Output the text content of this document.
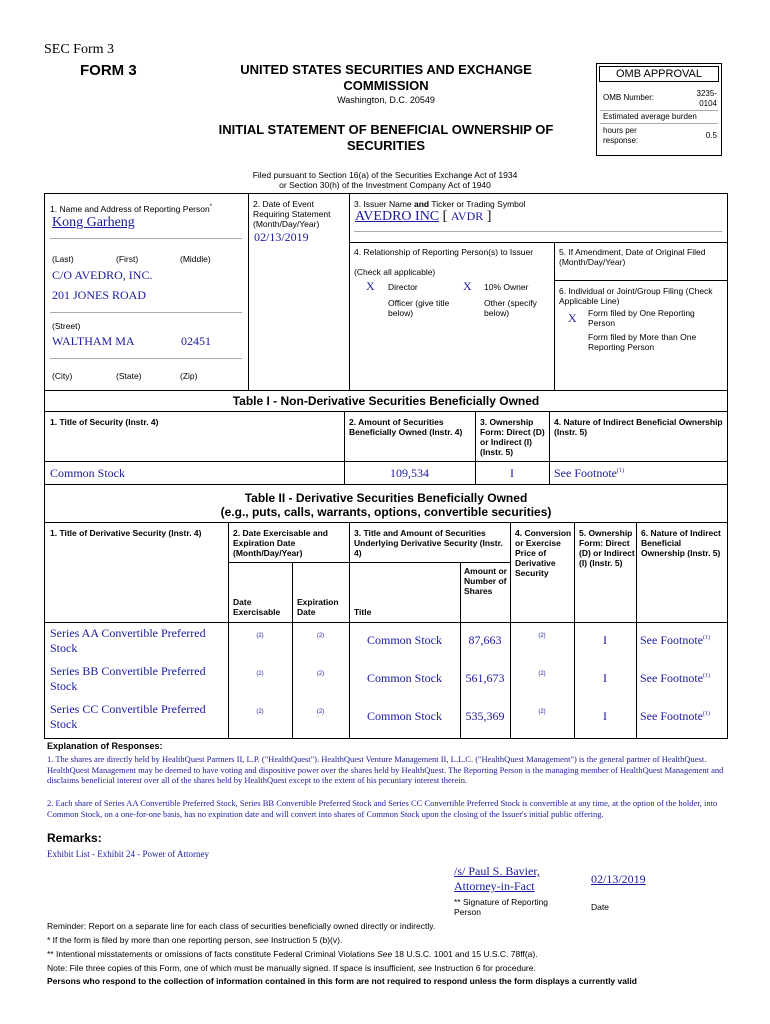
SEC Form 3
FORM 3	UNITED STATES SECURITIES AND EXCHANGE COMMISSION
Washington, D.C. 20549
INITIAL STATEMENT OF BENEFICIAL OWNERSHIP OF SECURITIES
OMB APPROVAL
OMB Number:	3235-0104
Estimated average burden
hours per response:
0.5
Filed pursuant to Section 16(a) of the Securities Exchange Act of 1934
or Section 30(h) of the Investment Company Act of 1940
1. Name and Address of Reporting Person*
Kong Garheng
(Last)	(First)	(Middle)
C/O AVEDRO, INC.
201 JONES ROAD
(Street)
WALTHAM MA	02451
(City)	(State)	(Zip)
2. Date of Event Requiring Statement (Month/Day/Year)
02/13/2019
3. Issuer Name and Ticker or Trading Symbol
AVEDRO INC [ AVDR ]
4. Relationship of Reporting Person(s) to Issuer
(Check all applicable)
X Director	X 10% Owner
Officer (give title below)
Other (specify below)
5. If Amendment, Date of Original Filed (Month/Day/Year)
6. Individual or Joint/Group Filing (Check Applicable Line)
X Form filed by One Reporting Person
Form filed by More than One Reporting Person
Table I - Non-Derivative Securities Beneficially Owned
1. Title of Security (Instr. 4)	2. Amount of Securities Beneficially Owned (Instr. 4)
3. Ownership Form: Direct (D) or Indirect (I) (Instr. 5)
4. Nature of Indirect Beneficial Ownership (Instr. 5)
Common Stock	109,534	I	See Footnote$^{(1)}$
Table II - Derivative Securities Beneficially Owned
(e.g., puts, calls, warrants, options, convertible securities)
1. Title of Derivative Security (Instr. 4)	2. Date Exercisable and Expiration Date (Month/Day/Year)
3. Title and Amount of Securities Underlying Derivative Security (Instr. 4)
4. Conversion or Exercise Price of Derivative Security
5. Ownership Form: Direct (D) or Indirect (I) (Instr. 5)
6. Nature of Indirect Beneficial Ownership (Instr. 5)
Date Exercisable
Expiration Date	Title
Amount or Number of Shares
Series AA Convertible Preferred Stock
(2)	(2)	Common Stock	87,663	(2)	I	See Footnote$^{(1)}$
Series BB Convertible Preferred Stock
(2)	(2)	Common Stock	561,673	(2)	I	See Footnote$^{(1)}$
Series CC Convertible Preferred Stock
(2)	(2)	Common Stock	535,369	(2)	I	See Footnote$^{(1)}$
Explanation of Responses:
1. The shares are directly held by HealthQuest Partners II, L.P. ("HealthQuest"). HealthQuest Venture Management II, L.L.C. ("HealthQuest Management") is the general partner of HealthQuest. HealthQuest Management may be deemed to have voting and dispositive power over the shares held by HealthQuest. The Reporting Person is the managing member of HealthQuest Management and disclaims beneficial interest over all of the shares held by HealthQuest except to the extent of his pecuniary interest therein.
2. Each share of Series AA Convertible Preferred Stock, Series BB Convertible Preferred Stock and Series CC Convertible Preferred Stock is convertible at any time, at the option of the holder, into Common Stock, on a one-for-one basis, has no expiration date and will convert into shares of Common Stock upon the closing of the Issuer's initial public offering.
Remarks:
Exhibit List - Exhibit 24 - Power of Attorney
/s/ Paul S. Bavier, Attorney-in-Fact	02/13/2019
** Signature of Reporting Person	Date
Reminder: Report on a separate line for each class of securities beneficially owned directly or indirectly.
* If the form is filed by more than one reporting person, see Instruction 5 (b)(v).
** Intentional misstatements or omissions of facts constitute Federal Criminal Violations See 18 U.S.C. 1001 and 15 U.S.C. 78ff(a).
Note: File three copies of this Form, one of which must be manually signed. If space is insufficient, see Instruction 6 for procedure.
Persons who respond to the collection of information contained in this form are not required to respond unless the form displays a currently valid
